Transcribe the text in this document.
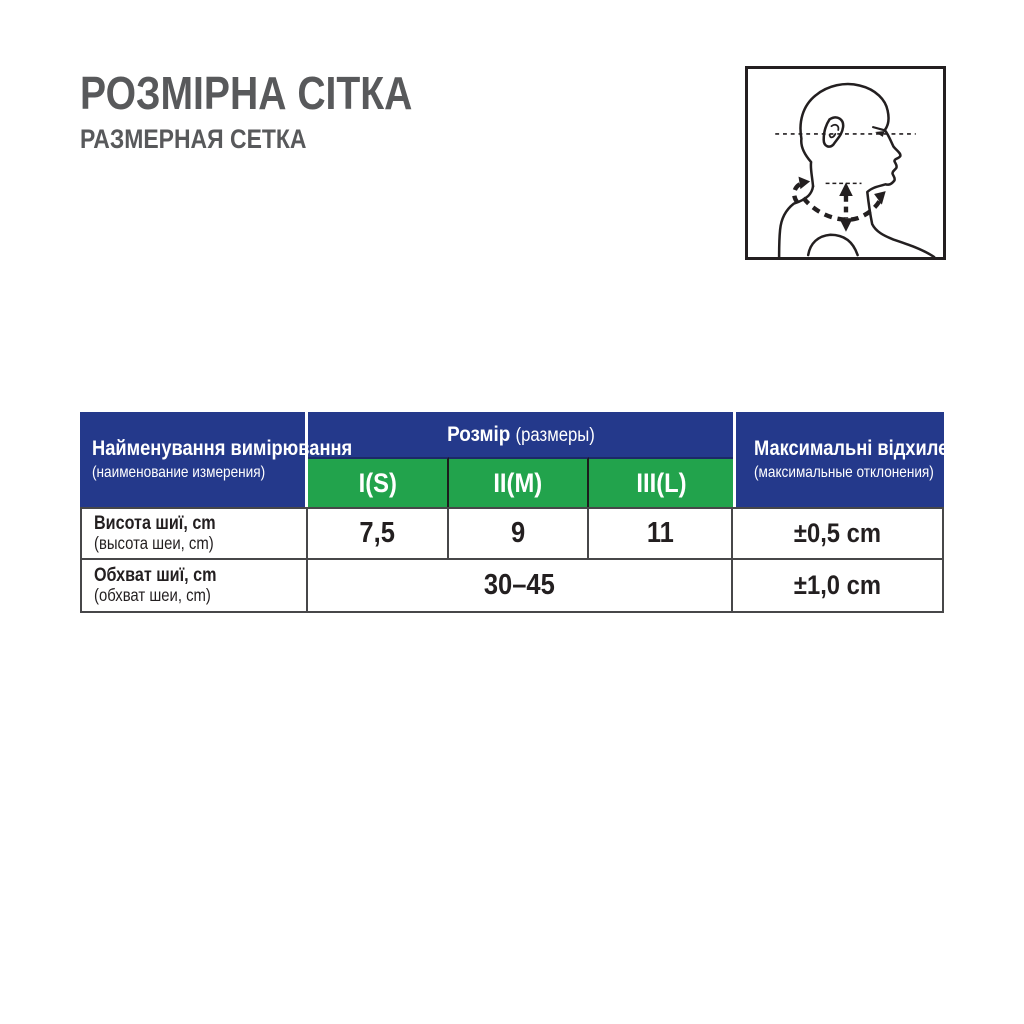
РОЗМІРНА СІТКА
РАЗМЕРНАЯ СЕТКА
Найменування вимірювання
(наименование измерения)
Розмір (размеры)
Максимальні відхилення
(максимальные отклонения)
I(S)	II(M)	III(L)
Висота шиї, cm
(высота шеи, cm)	7,5	9	11	±0,5 cm
Обхват шиї, cm
(обхват шеи, cm)	30–45	±1,0 cm
